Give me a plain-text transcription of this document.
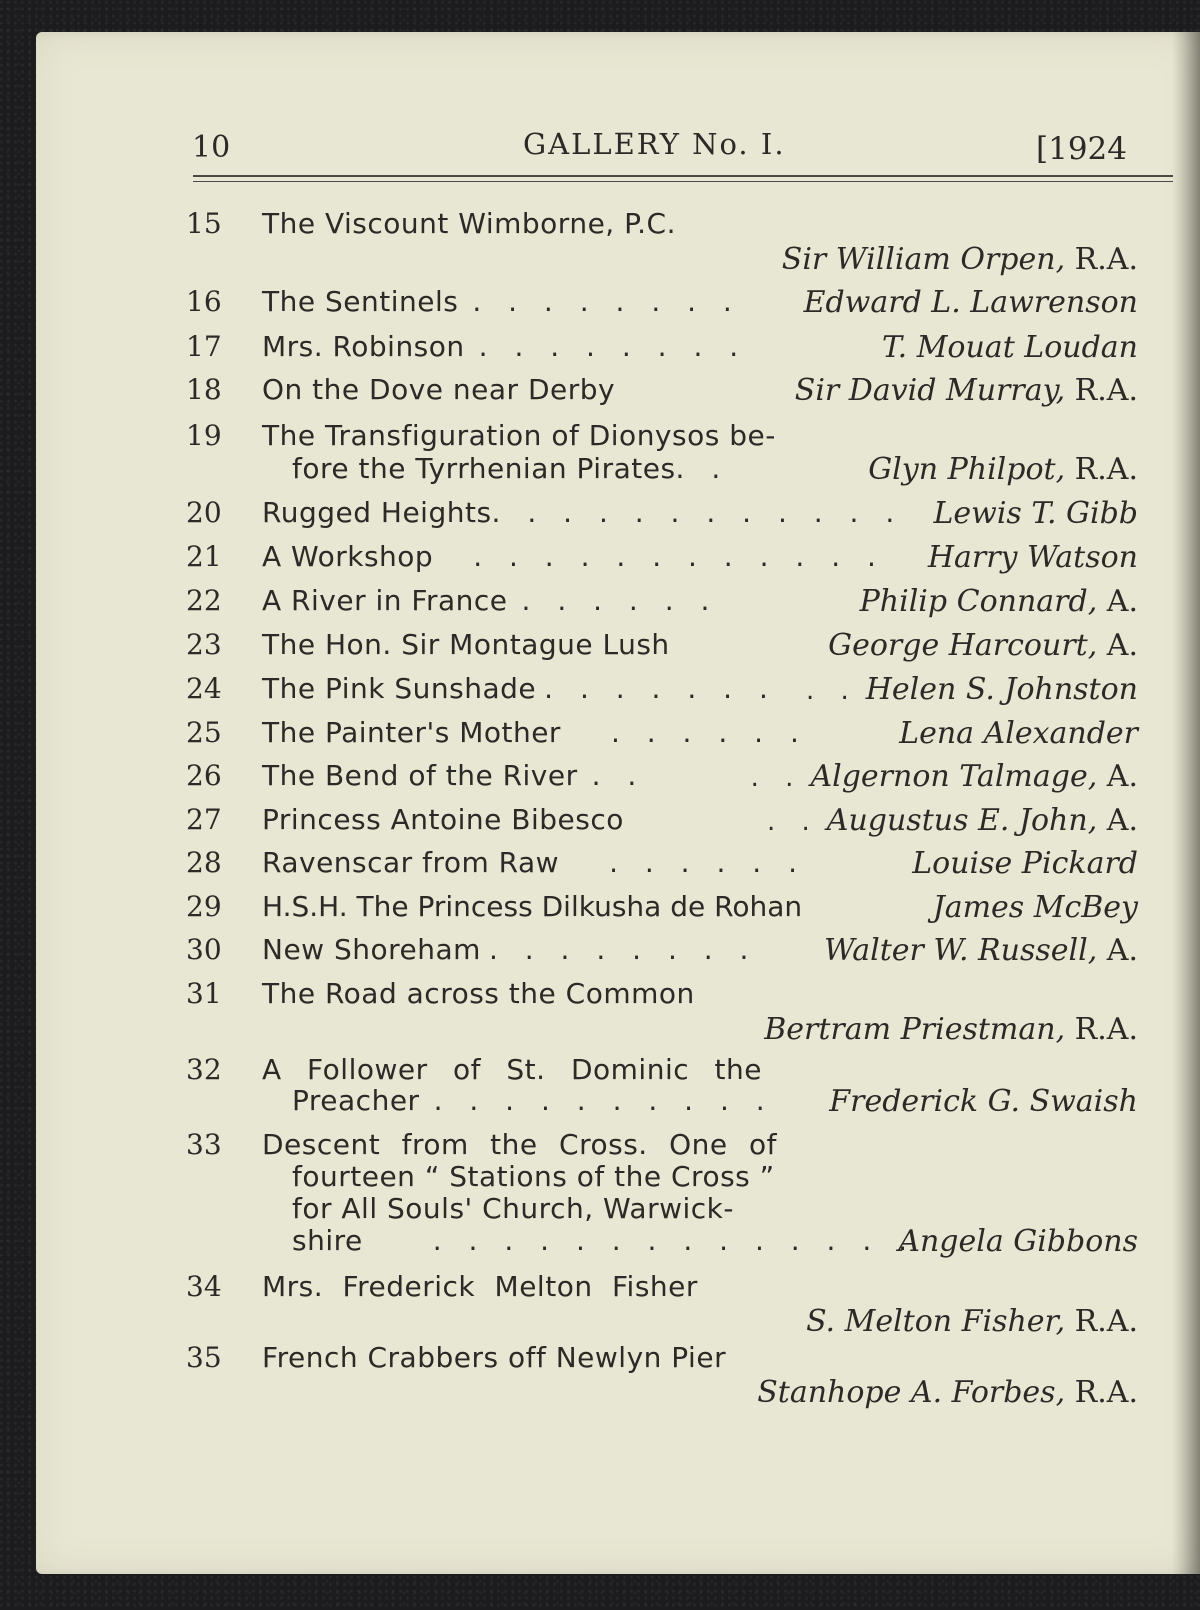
10	GALLERY No. I.	[1924
15	The Viscount Wimborne, P.C.
Sir William Orpen, R.A.
16	The Sentinels . . . . . . . . Edward L. Lawrenson
17	Mrs. Robinson . . . . . . . .	T. Mouat Loudan
18	On the Dove near Derby	Sir David Murray, R.A.
19	The Transfiguration of Dionysos be-
fore the Tyrrhenian Pirates. .	Glyn Philpot, R.A.
20	Rugged Heights. . . . . . . . . . . . Lewis T. Gibb
21	A Workshop . . . . . . . . . . . . Harry Watson
22	A River in France . . . . . .	Philip Connard, A.
23	The Hon. Sir Montague Lush	George Harcourt, A.
24	The Pink Sunshade . . . . . . . . . Helen S. Johnston
25	The Painter's Mother . . . . . .	Lena Alexander
26	The Bend of the River . .	. . Algernon Talmage, A.
27	Princess Antoine Bibesco	. . Augustus E. John, A.
28	Ravenscar from Raw . . . . . .	Louise Pickard
29	H.S.H. The Princess Dilkusha de Rohan	James McBey
30	New Shoreham . . . . . . . . Walter W. Russell, A.
31	The Road across the Common
Bertram Priestman, R.A.
32	A Follower of St. Dominic the
Preacher . . . . . . . . . . Frederick G. Swaish
33	Descent from the Cross. One of
fourteen “ Stations of the Cross ”
for All Souls' Church, Warwick-
shire	. . . . . . . . . . . . . .
Angela Gibbons
34	Mrs. Frederick Melton Fisher
S. Melton Fisher, R.A.
35	French Crabbers off Newlyn Pier
Stanhope A. Forbes, R.A.
